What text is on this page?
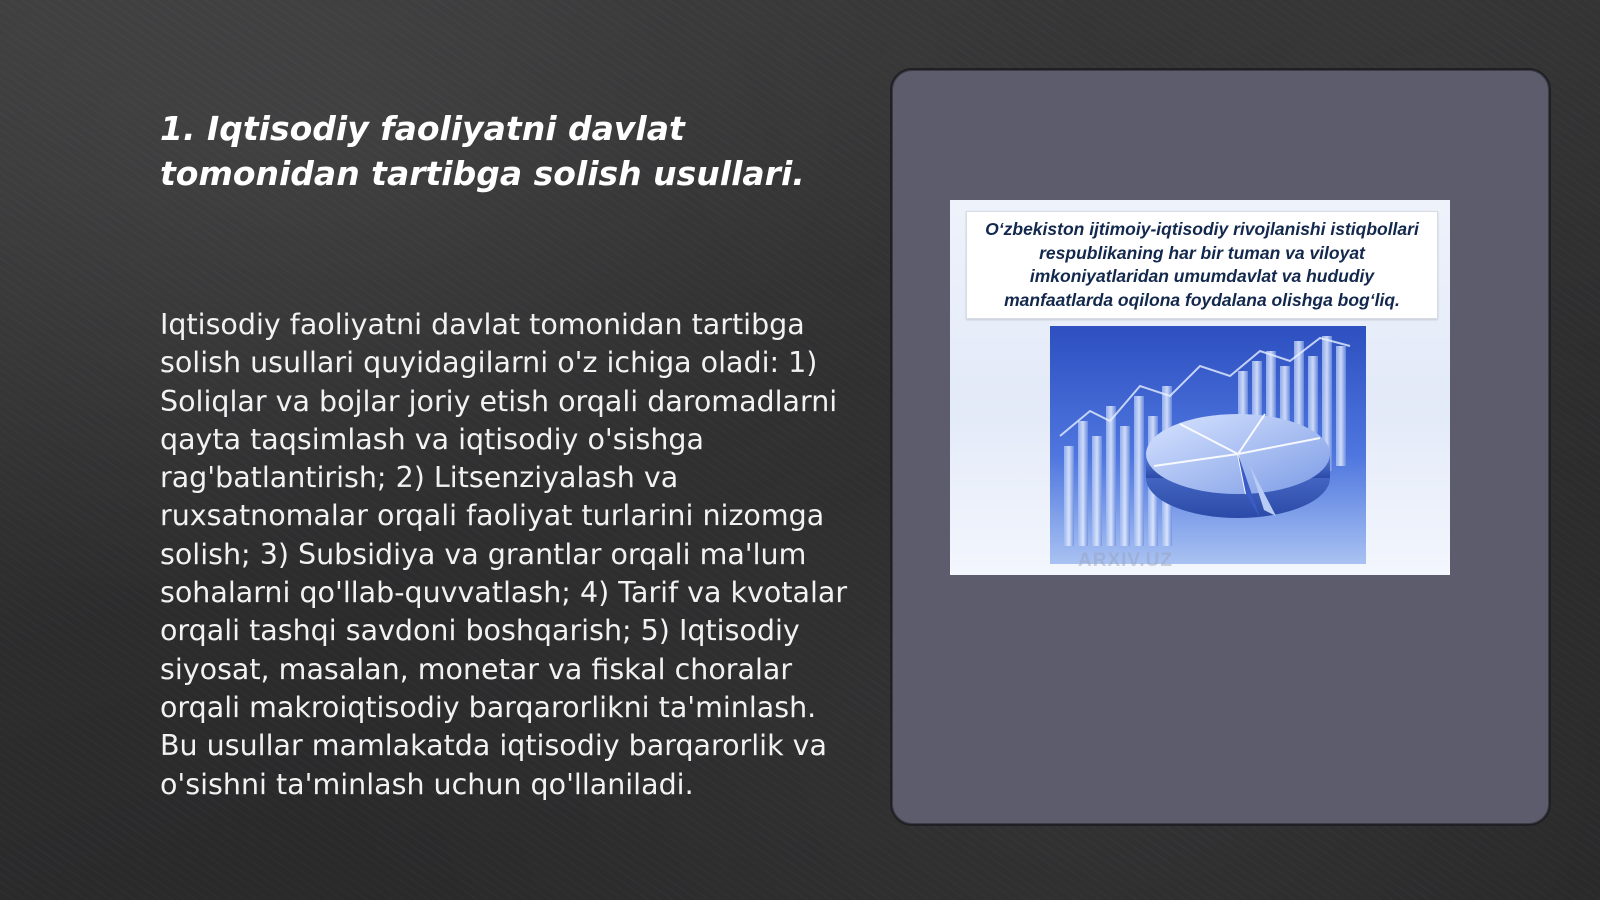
1. Iqtisodiy faoliyatni davlat tomonidan tartibga solish usullari.

Iqtisodiy faoliyatni davlat tomonidan tartibga solish usullari quyidagilarni o'z ichiga oladi: 1) Soliqlar va bojlar joriy etish orqali daromadlarni qayta taqsimlash va iqtisodiy o'sishga rag'batlantirish; 2) Litsenziyalash va ruxsatnomalar orqali faoliyat turlarini nizomga solish; 3) Subsidiya va grantlar orqali ma'lum sohalarni qo'llab-quvvatlash; 4) Tarif va kvotalar orqali tashqi savdoni boshqarish; 5) Iqtisodiy siyosat, masalan, monetar va fiskal choralar orqali makroiqtisodiy barqarorlikni ta'minlash. Bu usullar mamlakatda iqtisodiy barqarorlik va o'sishni ta'minlash uchun qo'llaniladi.

O‘zbekiston ijtimoiy-iqtisodiy rivojlanishi istiqbollari respublikaning har bir tuman va viloyat imkoniyatlaridan umumdavlat va hududiy manfaatlarda oqilona foydalana olishga bog‘liq.

ARXIV.UZ
